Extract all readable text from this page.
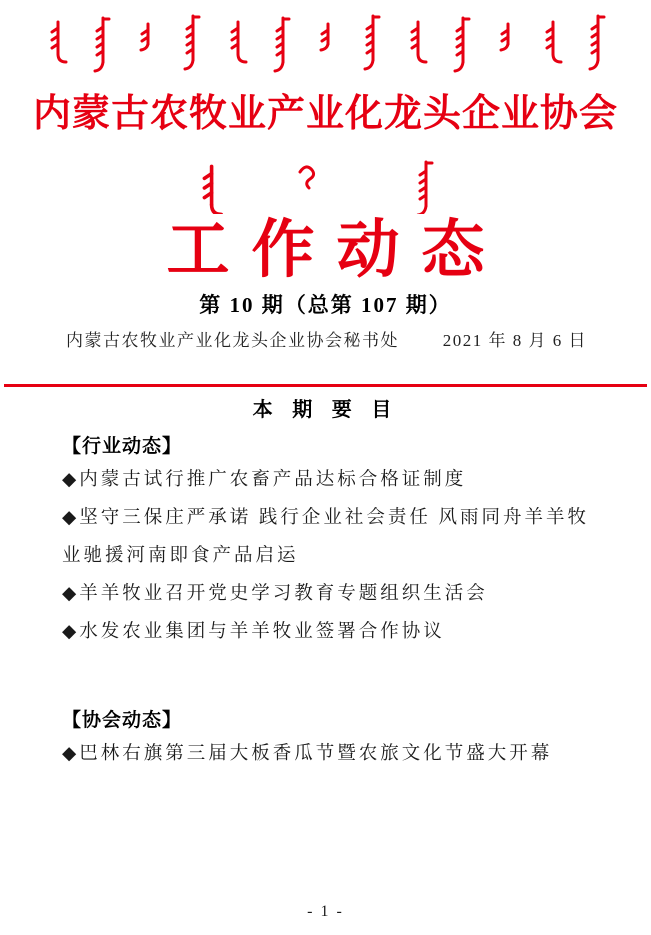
内蒙古农牧业产业化龙头企业协会
工作动态
第 10 期（总第 107 期）
内蒙古农牧业产业化龙头企业协会秘书处	2021 年 8 月 6 日
本 期 要 目
【行业动态】

◆内蒙古试行推广农畜产品达标合格证制度

◆坚守三保庄严承诺 践行企业社会责任 风雨同舟羊羊牧
业驰援河南即食产品启运

◆羊羊牧业召开党史学习教育专题组织生活会

◆水发农业集团与羊羊牧业签署合作协议

【协会动态】

◆巴林右旗第三届大板香瓜节暨农旅文化节盛大开幕

- 1 -
